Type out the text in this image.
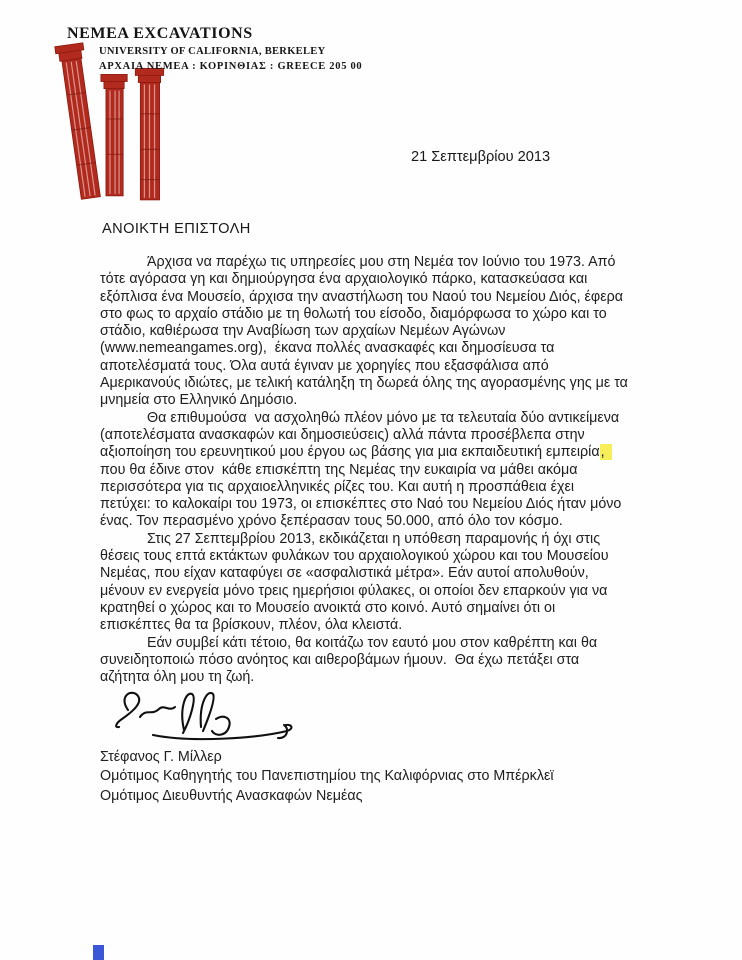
NEMEA EXCAVATIONS
UNIVERSITY OF CALIFORNIA, BERKELEY
ΑΡΧΑΙΑ ΝΕΜΕΑ : ΚΟΡΙΝΘΙΑΣ : GREECE 205 00
21 Σεπτεμβρίου 2013
ΑΝΟΙΚΤΗ ΕΠΙΣΤΟΛΗ
Άρχισα να παρέχω τις υπηρεσίες μου στη Νεμέα τον Ιούνιο του 1973. Από
τότε αγόρασα γη και δημιούργησα ένα αρχαιολογικό πάρκο, κατασκεύασα και
εξόπλισα ένα Μουσείο, άρχισα την αναστήλωση του Ναού του Νεμείου Διός, έφερα
στο φως το αρχαίο στάδιο με τη θολωτή του είσοδο, διαμόρφωσα το χώρο και το
στάδιο, καθιέρωσα την Αναβίωση των αρχαίων Νεμέων Αγώνων
(www.nemeangames.org),  έκανα πολλές ανασκαφές και δημοσίευσα τα
αποτελέσματά τους. Όλα αυτά έγιναν με χορηγίες που εξασφάλισα από
Αμερικανούς ιδιώτες, με τελική κατάληξη τη δωρεά όλης της αγορασμένης γης με τα
μνημεία στο Ελληνικό Δημόσιο.
Θα επιθυμούσα  να ασχοληθώ πλέον μόνο με τα τελευταία δύο αντικείμενα
(αποτελέσματα ανασκαφών και δημοσιεύσεις) αλλά πάντα προσέβλεπα στην
αξιοποίηση του ερευνητικού μου έργου ως βάσης για μια εκπαιδευτική εμπειρία,
που θα έδινε στον  κάθε επισκέπτη της Νεμέας την ευκαιρία να μάθει ακόμα
περισσότερα για τις αρχαιοελληνικές ρίζες του. Και αυτή η προσπάθεια έχει
πετύχει: το καλοκαίρι του 1973, οι επισκέπτες στο Ναό του Νεμείου Διός ήταν μόνο
ένας. Τον περασμένο χρόνο ξεπέρασαν τους 50.000, από όλο τον κόσμο.
Στις 27 Σεπτεμβρίου 2013, εκδικάζεται η υπόθεση παραμονής ή όχι στις
θέσεις τους επτά εκτάκτων φυλάκων του αρχαιολογικού χώρου και του Μουσείου
Νεμέας, που είχαν καταφύγει σε «ασφαλιστικά μέτρα». Εάν αυτοί απολυθούν,
μένουν εν ενεργεία μόνο τρεις ημερήσιοι φύλακες, οι οποίοι δεν επαρκούν για να
κρατηθεί ο χώρος και το Μουσείο ανοικτά στο κοινό. Αυτό σημαίνει ότι οι
επισκέπτες θα τα βρίσκουν, πλέον, όλα κλειστά.
Εάν συμβεί κάτι τέτοιο, θα κοιτάζω τον εαυτό μου στον καθρέπτη και θα
συνειδητοποιώ πόσο ανόητος και αιθεροβάμων ήμουν.  Θα έχω πετάξει στα
αζήτητα όλη μου τη ζωή.
Στέφανος Γ. Μίλλερ
Ομότιμος Καθηγητής του Πανεπιστημίου της Καλιφόρνιας στο Μπέρκλεϊ
Ομότιμος Διευθυντής Ανασκαφών Νεμέας
